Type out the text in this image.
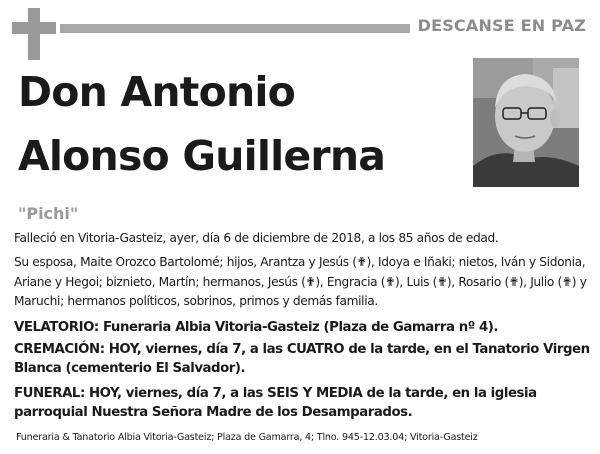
DESCANSE EN PAZ
Don Antonio
Alonso Guillerna
"Pichi"
Falleció en Vitoria-Gasteiz, ayer, día 6 de diciembre de 2018, a los 85 años de edad.
Su esposa, Maite Orozco Bartolomé; hijos, Arantza y Jesús (✟), Idoya e Iñaki; nietos, Iván y Sidonia, Ariane y Hegoi; biznieto, Martín; hermanos, Jesús (✟), Engracia (✟), Luis (✟), Rosario (✟), Julio (✟) y Maruchi; hermanos políticos, sobrinos, primos y demás familia.
VELATORIO: Funeraria Albia Vitoria-Gasteiz (Plaza de Gamarra nº 4).
CREMACIÓN: HOY, viernes, día 7, a las CUATRO de la tarde, en el Tanatorio Virgen Blanca (cementerio El Salvador).
FUNERAL: HOY, viernes, día 7, a las SEIS Y MEDIA de la tarde, en la iglesia parroquial Nuestra Señora Madre de los Desamparados.
Funeraria & Tanatorio Albia Vitoria-Gasteiz; Plaza de Gamarra, 4; Tlno. 945-12.03.04; Vitoria-Gasteiz
